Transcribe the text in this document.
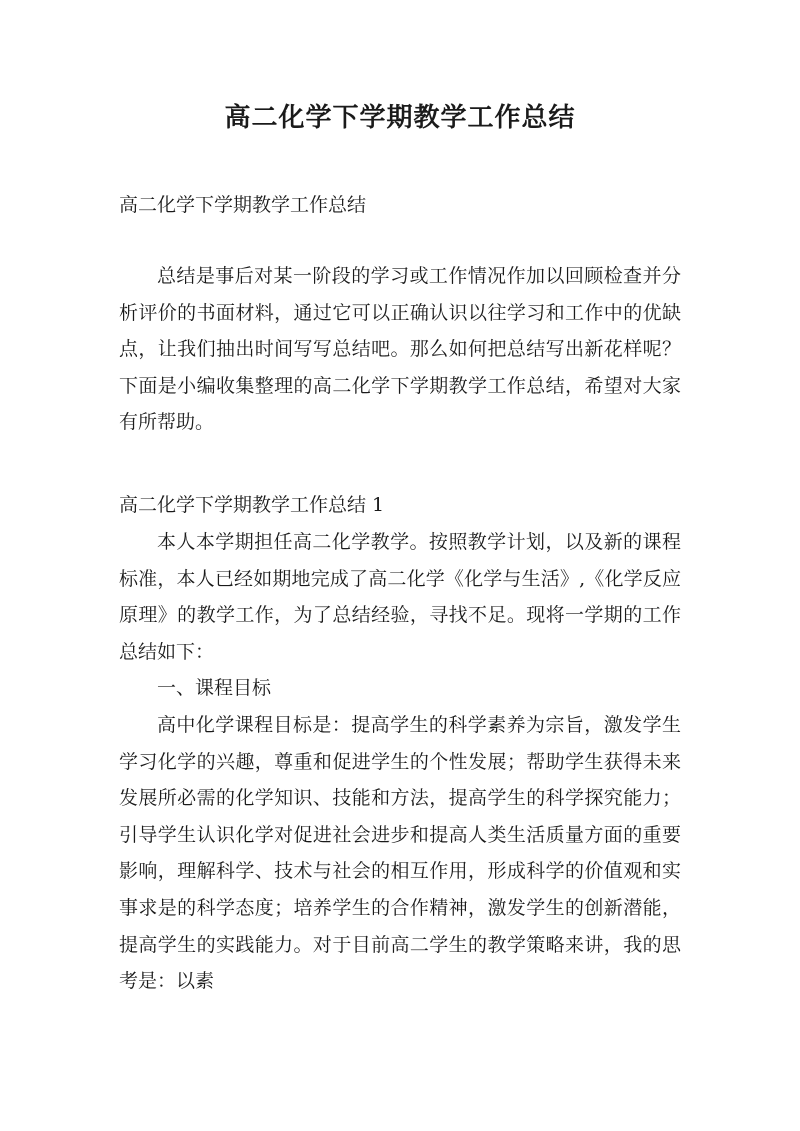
高二化学下学期教学工作总结

高二化学下学期教学工作总结

总结是事后对某一阶段的学习或工作情况作加以回顾检查并分析评价的书面材料，通过它可以正确认识以往学习和工作中的优缺点，让我们抽出时间写写总结吧。那么如何把总结写出新花样呢？下面是小编收集整理的高二化学下学期教学工作总结，希望对大家有所帮助。

高二化学下学期教学工作总结 1

本人本学期担任高二化学教学。按照教学计划，以及新的课程标准，本人已经如期地完成了高二化学《化学与生活》,《化学反应原理》的教学工作，为了总结经验，寻找不足。现将一学期的工作总结如下：

一、课程目标

高中化学课程目标是：提高学生的科学素养为宗旨，激发学生学习化学的兴趣，尊重和促进学生的个性发展；帮助学生获得未来发展所必需的化学知识、技能和方法，提高学生的科学探究能力；引导学生认识化学对促进社会进步和提高人类生活质量方面的重要影响，理解科学、技术与社会的相互作用，形成科学的价值观和实事求是的科学态度；培养学生的合作精神，激发学生的创新潜能，提高学生的实践能力。对于目前高二学生的教学策略来讲，我的思考是：以素
